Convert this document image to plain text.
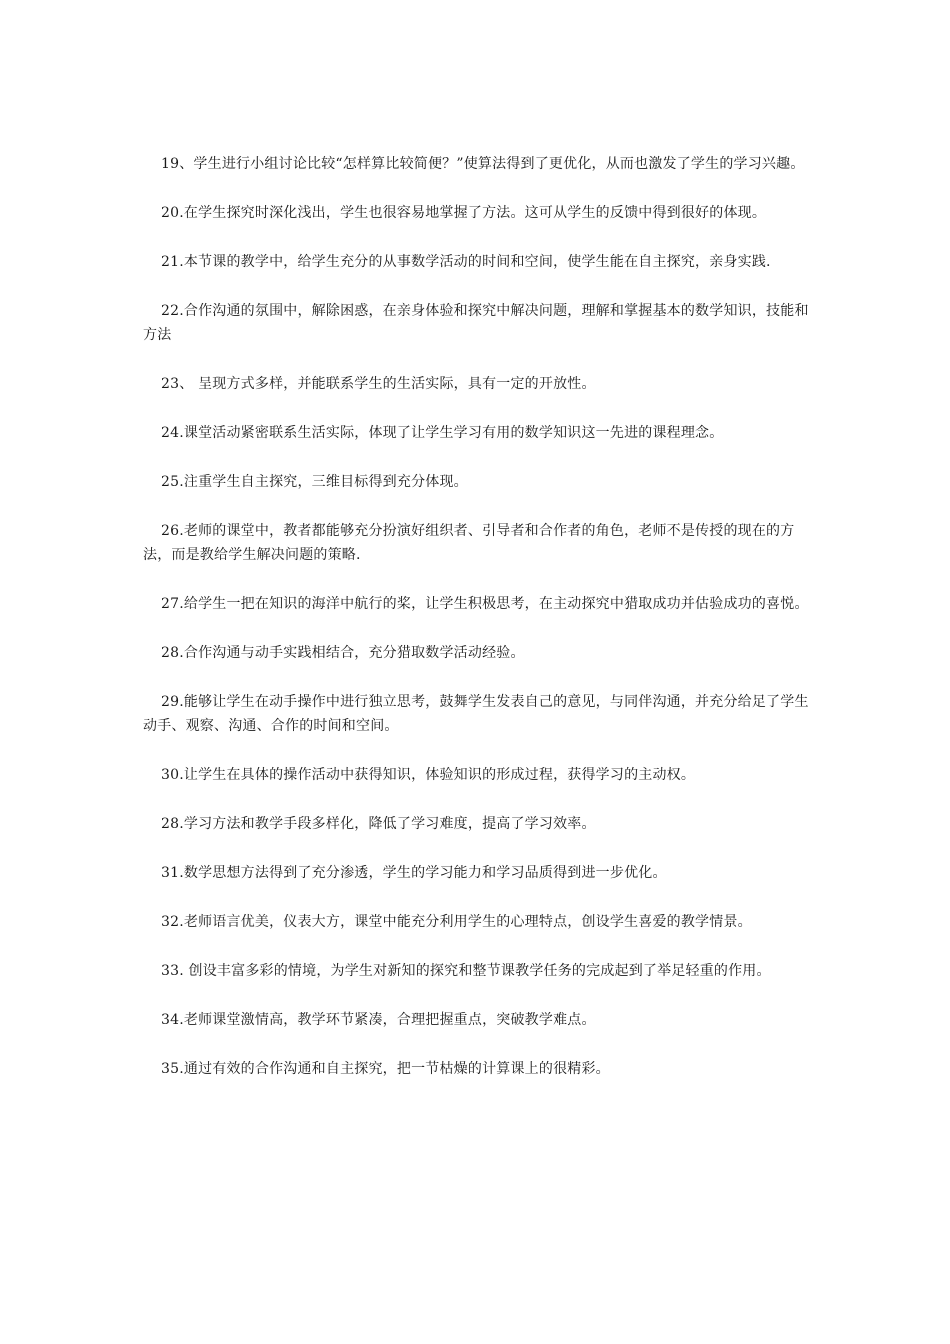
19、学生进行小组讨论比较“怎样算比较简便？”使算法得到了更优化，从而也激发了学生的学习兴趣。

20.在学生探究时深化浅出，学生也很容易地掌握了方法。这可从学生的反馈中得到很好的体现。

21.本节课的教学中，给学生充分的从事数学活动的时间和空间，使学生能在自主探究，亲身实践.

22.合作沟通的氛围中，解除困惑，在亲身体验和探究中解决问题，理解和掌握基本的数学知识，技能和方法

23、 呈现方式多样，并能联系学生的生活实际，具有一定的开放性。

24.课堂活动紧密联系生活实际，体现了让学生学习有用的数学知识这一先进的课程理念。

25.注重学生自主探究，三维目标得到充分体现。

26.老师的课堂中，教者都能够充分扮演好组织者、引导者和合作者的角色，老师不是传授的现在的方法，而是教给学生解决问题的策略.

27.给学生一把在知识的海洋中航行的桨，让学生积极思考，在主动探究中猎取成功并估验成功的喜悦。

28.合作沟通与动手实践相结合，充分猎取数学活动经验。

29.能够让学生在动手操作中进行独立思考，鼓舞学生发表自己的意见，与同伴沟通，并充分给足了学生动手、观察、沟通、合作的时间和空间。

30.让学生在具体的操作活动中获得知识，体验知识的形成过程，获得学习的主动权。

28.学习方法和教学手段多样化，降低了学习难度，提高了学习效率。

31.数学思想方法得到了充分渗透，学生的学习能力和学习品质得到进一步优化。

32.老师语言优美，仪表大方，课堂中能充分利用学生的心理特点，创设学生喜爱的教学情景。

33. 创设丰富多彩的情境，为学生对新知的探究和整节课教学任务的完成起到了举足轻重的作用。

34.老师课堂激情高，教学环节紧凑，合理把握重点，突破教学难点。

35.通过有效的合作沟通和自主探究，把一节枯燥的计算课上的很精彩。
